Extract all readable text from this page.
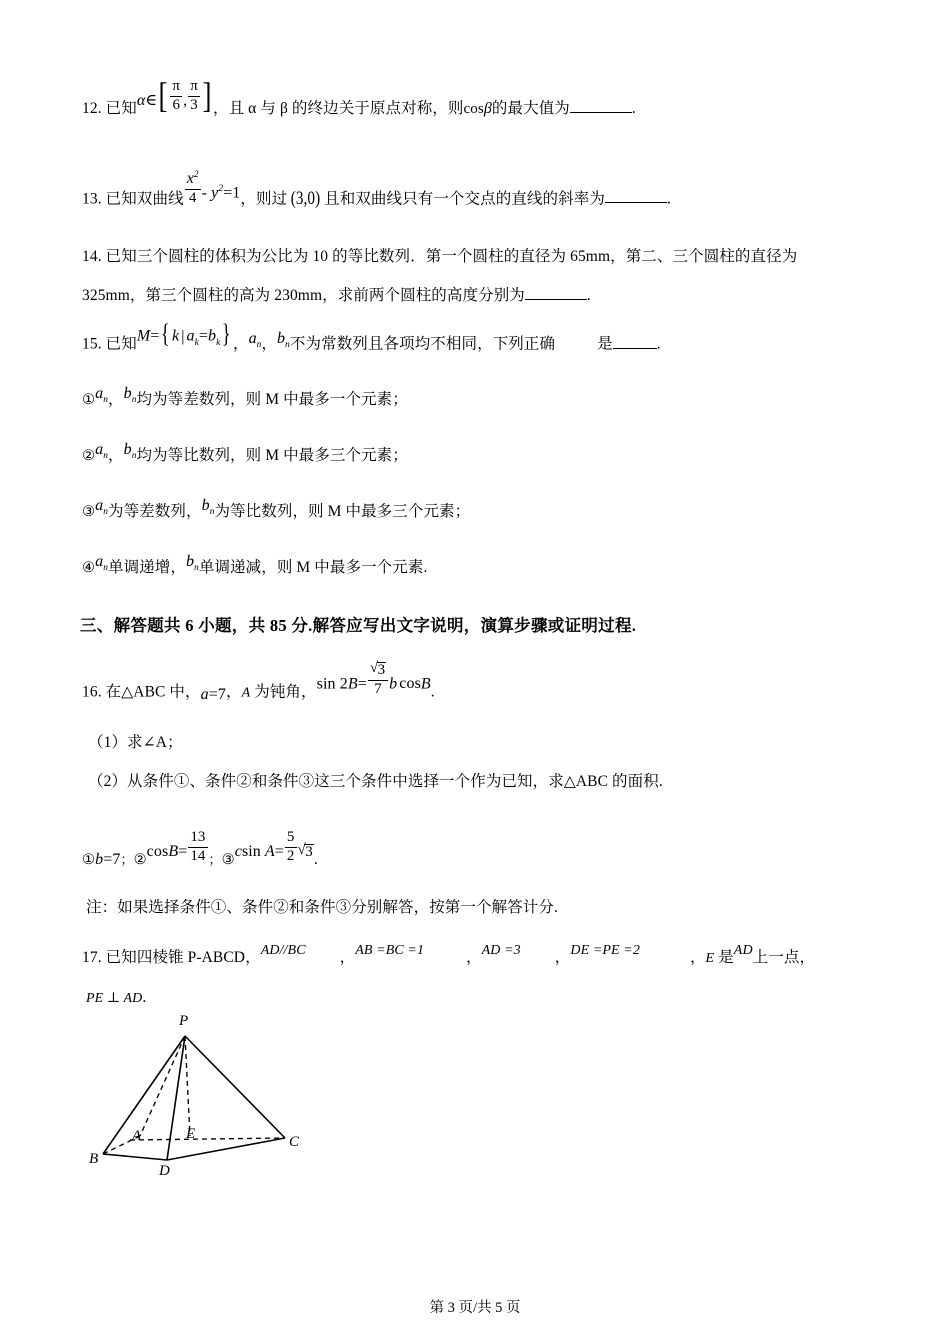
12. 已知α∈[ $\frac{\pi}{6}$ , $\frac{\pi}{3}$ ]，且 α 与 β 的终边关于原点对称，则cosβ的最大值为	.
13. 已知双曲线 $\frac{x^2}{4} - y^2=1$，则过 (3,0) 且和双曲线只有一个交点的直线的斜率为	.
14. 已知三个圆柱的体积为公比为 10 的等比数列．第一个圆柱的直径为 65mm，第二、三个圆柱的直径为
325mm，第三个圆柱的高为 230mm，求前两个圆柱的高度分别为	.
15. 已知M={ k | $a_k=b_k$} ，$a_n$，$b_n$不为常数列且各项均不相同，下列正确	是	.
$①a_n$，$b_n$均为等差数列，则 M 中最多一个元素；
$②a_n$，$b_n$均为等比数列，则 M 中最多三个元素；
$③a_n$为等差数列，$b_n$为等比数列，则 M 中最多三个元素；
$④a_n$单调递增，$b_n$单调递减，则 M 中最多一个元素.
三、解答题共 6 小题，共 85 分.解答应写出文字说明，演算步骤或证明过程.
16. 在△ABC 中，a=7，A 为钝角，sin 2B= √ $\frac{3}{7}$ b cosB.
（1）求∠A；
（2）从条件①、条件②和条件③这三个条件中选择一个作为已知，求△ABC 的面积.
①b=7；②cosB= $\frac{13}{14}$ ；③csin $A= \frac{5}{2}$ √ 3.
注：如果选择条件①、条件②和条件③分别解答，按第一个解答计分.
17. 已知四棱锥 P-ABCD，AD//BC ，AB =BC =1	，AD =3 ，DE =PE =2	，E 是AD上一点，
PE ⊥ AD.
P
A
B
D
C
E
第 3 页/共 5 页
